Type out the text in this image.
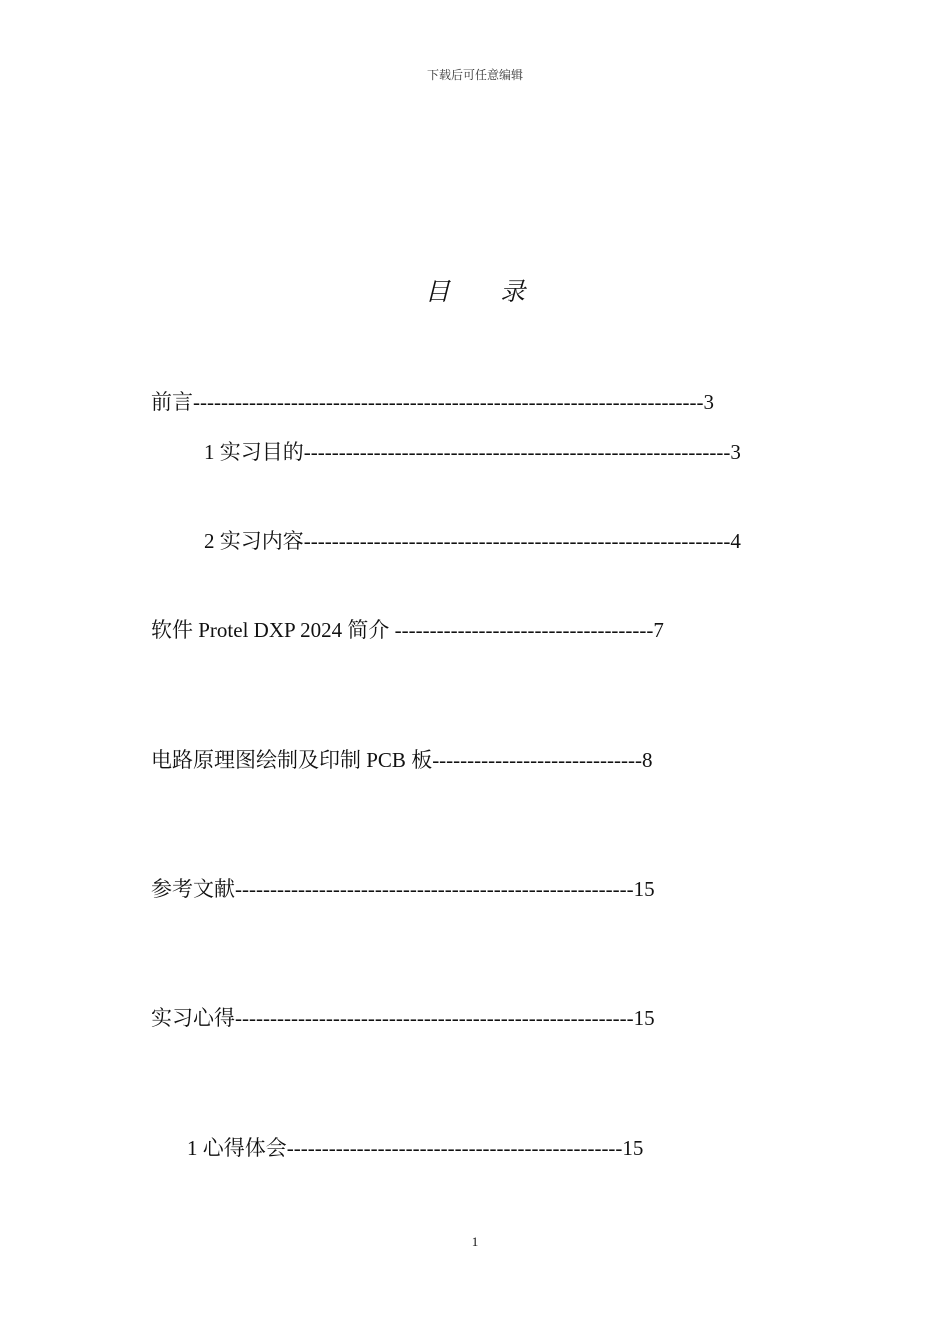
下载后可任意编辑
目 录
前言-------------------------------------------------------------------------3
1 实习目的-------------------------------------------------------------3
2 实习内容-------------------------------------------------------------4
软件 Protel DXP 2024 简介 -------------------------------------7
电路原理图绘制及印制 PCB 板------------------------------8
参考文献---------------------------------------------------------15
实习心得---------------------------------------------------------15
1 心得体会------------------------------------------------15
1
